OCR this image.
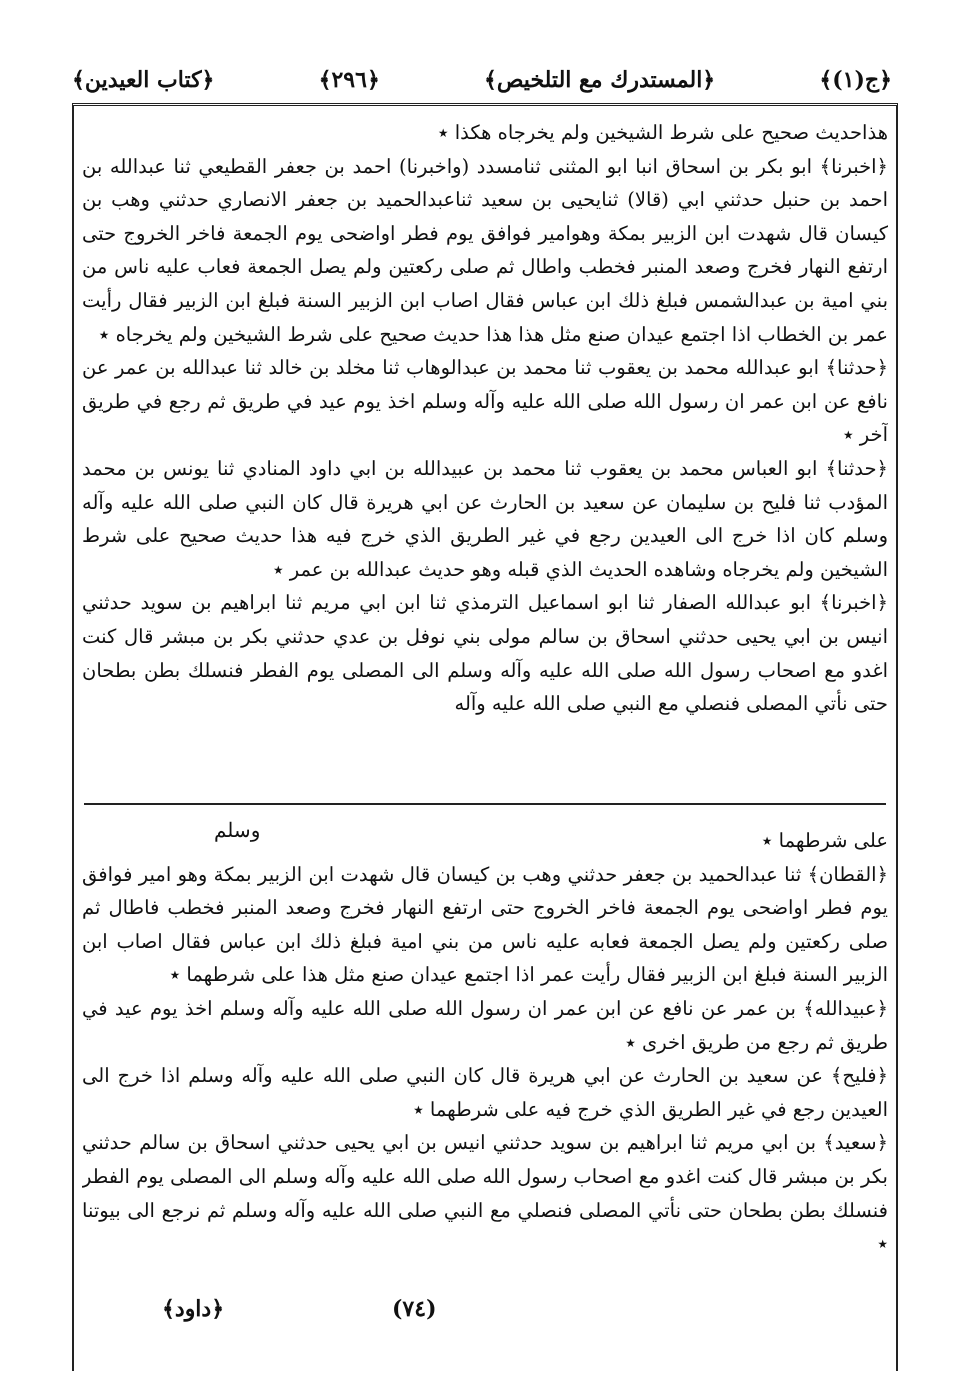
﴿ج(١)﴾
﴿المستدرك مع التلخيص﴾
﴿٢٩٦﴾
﴿كتاب العيدين﴾

هذاحديث صحيح على شرط الشيخين ولم يخرجاه هكذا ٭

﴿اخبرنا﴾ ابو بكر بن اسحاق انبا ابو المثنى ثنامسدد (واخبرنا) احمد بن جعفر القطيعي ثنا عبدالله بن احمد بن حنبل حدثني ابي (قالا) ثنايحيى بن سعيد ثناعبدالحميد بن جعفر الانصاري حدثني وهب بن كيسان قال شهدت ابن الزبير بمكة وهوامير فوافق يوم فطر اواضحى يوم الجمعة فاخر الخروج حتى ارتفع النهار فخرج وصعد المنبر فخطب واطال ثم صلى ركعتين ولم يصل الجمعة فعاب عليه ناس من بني امية بن عبدالشمس فبلغ ذلك ابن عباس فقال اصاب ابن الزبير السنة فبلغ ابن الزبير فقال رأيت عمر بن الخطاب اذا اجتمع عيدان صنع مثل هذا هذا حديث صحيح على شرط الشيخين ولم يخرجاه ٭

﴿حدثنا﴾ ابو عبدالله محمد بن يعقوب ثنا محمد بن عبدالوهاب ثنا مخلد بن خالد ثنا عبدالله بن عمر عن نافع عن ابن عمر ان رسول الله صلى الله عليه وآله وسلم اخذ يوم عيد في طريق ثم رجع في طريق آخر ٭

﴿حدثنا﴾ ابو العباس محمد بن يعقوب ثنا محمد بن عبيدالله بن ابي داود المنادي ثنا يونس بن محمد المؤدب ثنا فليح بن سليمان عن سعيد بن الحارث عن ابي هريرة قال كان النبي صلى الله عليه وآله وسلم كان اذا خرج الى العيدين رجع في غير الطريق الذي خرج فيه هذا حديث صحيح على شرط الشيخين ولم يخرجاه وشاهده الحديث الذي قبله وهو حديث عبدالله بن عمر ٭

﴿اخبرنا﴾ ابو عبدالله الصفار ثنا ابو اسماعيل الترمذي ثنا ابن ابي مريم ثنا ابراهيم بن سويد حدثني انيس بن ابي يحيى حدثني اسحاق بن سالم مولى بني نوفل بن عدي حدثني بكر بن مبشر قال كنت اغدو مع اصحاب رسول الله صلى الله عليه وآله وسلم الى المصلى يوم الفطر فنسلك بطن بطحان حتى نأتي المصلى فنصلي مع النبي صلى الله عليه وآله

وسلم	على شرطهما ٭

﴿القطان﴾ ثنا عبدالحميد بن جعفر حدثني وهب بن كيسان قال شهدت ابن الزبير بمكة وهو امير فوافق يوم فطر اواضحى يوم الجمعة فاخر الخروج حتى ارتفع النهار فخرج وصعد المنبر فخطب فاطال ثم صلى ركعتين ولم يصل الجمعة فعابه عليه ناس من بني امية فبلغ ذلك ابن عباس فقال اصاب ابن الزبير السنة فبلغ ابن الزبير فقال رأيت عمر اذا اجتمع عيدان صنع مثل هذا على شرطهما ٭

﴿عبيدالله﴾ بن عمر عن نافع عن ابن عمر ان رسول الله صلى الله عليه وآله وسلم اخذ يوم عيد في طريق ثم رجع من طريق اخرى ٭

﴿فليح﴾ عن سعيد بن الحارث عن ابي هريرة قال كان النبي صلى الله عليه وآله وسلم اذا خرج الى العيدين رجع في غير الطريق الذي خرج فيه على شرطهما ٭

﴿سعيد﴾ بن ابي مريم ثنا ابراهيم بن سويد حدثني انيس بن ابي يحيى حدثني اسحاق بن سالم حدثني بكر بن مبشر قال كنت اغدو مع اصحاب رسول الله صلى الله عليه وآله وسلم الى المصلى يوم الفطر فنسلك بطن بطحان حتى نأتي المصلى فنصلي مع النبي صلى الله عليه وآله وسلم ثم نرجع الى بيوتنا ٭

(٧٤)
﴿داود﴾
